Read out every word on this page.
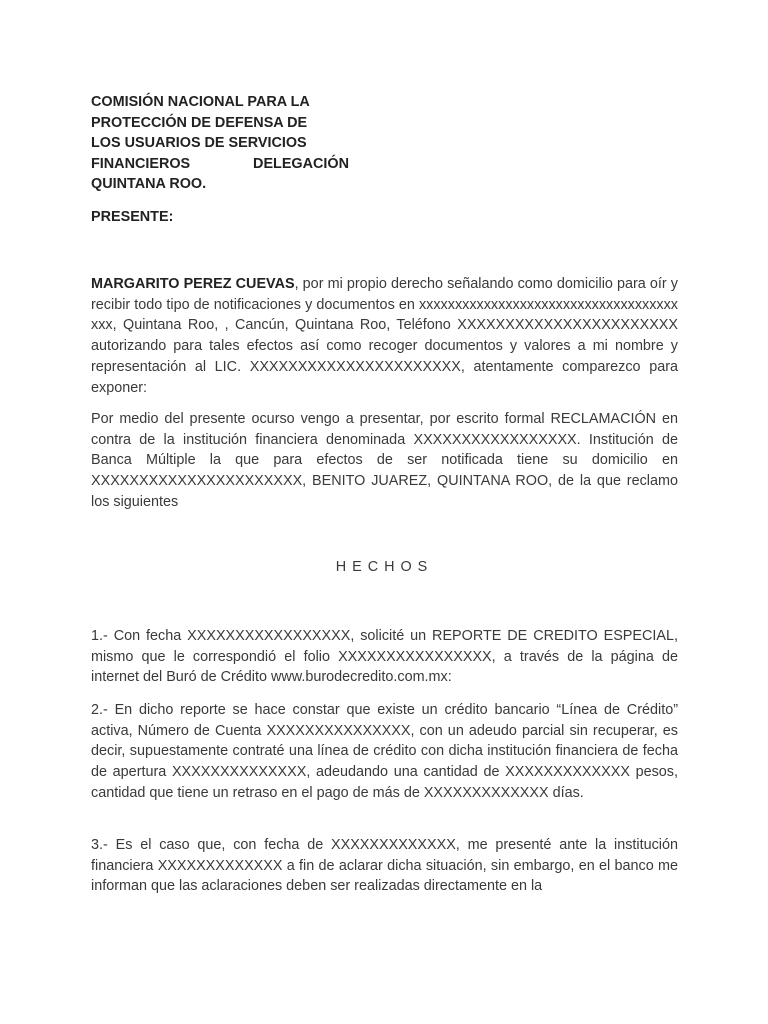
COMISIÓN NACIONAL PARA LA
PROTECCIÓN DE DEFENSA DE
LOS USUARIOS DE SERVICIOS
FINANCIEROS	DELEGACIÓN
QUINTANA ROO.
PRESENTE:

MARGARITO PEREZ CUEVAS, por mi propio derecho señalando como domicilio para oír y recibir todo tipo de notificaciones y documentos en xxxxxxxxxxxxxxxxxxxxxxxxxxxxxxxxxxxxxxx, Quintana Roo, , Cancún, Quintana Roo, Teléfono XXXXXXXXXXXXXXXXXXXXXXX autorizando para tales efectos así como recoger documentos y valores a mi nombre y representación al LIC. XXXXXXXXXXXXXXXXXXXXXX, atentamente comparezco para exponer:

Por medio del presente ocurso vengo a presentar, por escrito formal RECLAMACIÓN en contra de la institución financiera denominada XXXXXXXXXXXXXXXXX. Institución de Banca Múltiple la que para efectos de ser notificada tiene su domicilio en XXXXXXXXXXXXXXXXXXXXXX, BENITO JUAREZ, QUINTANA ROO, de la que reclamo los siguientes

HECHOS

1.- Con fecha XXXXXXXXXXXXXXXXX, solicité un REPORTE DE CREDITO ESPECIAL, mismo que le correspondió el folio XXXXXXXXXXXXXXXX, a través de la página de internet del Buró de Crédito www.burodecredito.com.mx:

2.- En dicho reporte se hace constar que existe un crédito bancario “Línea de Crédito” activa, Número de Cuenta XXXXXXXXXXXXXXX, con un adeudo parcial sin recuperar, es decir, supuestamente contraté una línea de crédito con dicha institución financiera de fecha de apertura XXXXXXXXXXXXXX, adeudando una cantidad de XXXXXXXXXXXXX pesos, cantidad que tiene un retraso en el pago de más de XXXXXXXXXXXXX días.

3.- Es el caso que, con fecha de XXXXXXXXXXXXX, me presenté ante la institución financiera XXXXXXXXXXXXX a fin de aclarar dicha situación, sin embargo, en el banco me informan que las aclaraciones deben ser realizadas directamente en la
